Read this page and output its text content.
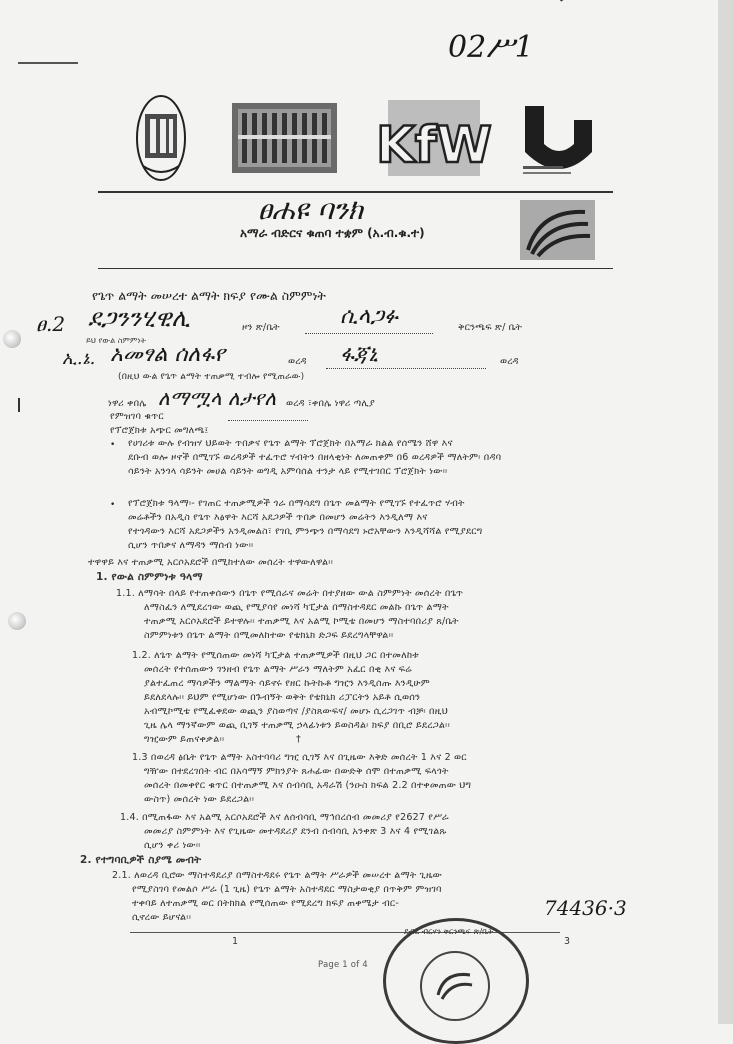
02ሥ1
KfW
ፀሐዩ ባንክ
አማራ ብድርና ቁጠባ ተቋም (አ.ብ.ቁ.ተ)
የጌጥ ልማት መሠረተ ልማት ክፍያ የሙል ስምምነት
ፀ.2 ደጋንንሂዊሊ	ዞን ጽ/ቤት	ሲላጋፉ	ቅርንጫፍ ጽ/ ቤት
ይህ የውል ስምምነት
ኢ.ኔ. አመፃል ሰለፋየ	ወረዳ ፋጃኒ	ወረዳ
(በዚህ ውል የጌጥ ልማት ተጠቃሚ ተብሎ የሚጠራው)
ነዋሪ ቀበሌ ለማሟላ ለታየለ ወረዳ ፣ቀበሌ ነዋሪ ጣሊያ
የምዝገባ ቁጥር
የፕሮጀክቱ አጭር መግለጫ፤
• የሀገሪቱ ውሉ የብዝሃ ህይወት ጥበቃና የጌጥ ልማት ፕሮጀክት በአማራ ክልል የሰሜን ሸዋ እና
ደቡብ ወሎ ዞኖች በሚገኙ ወረዳዎች ተፈጥሮ ሃብትን በዘላቂነት ለመጠቀም በ6 ወረዳዎች ማለትም፡ በዳባ
ሳይንት አንጎላ ሳይንት መሀል ሳይንት ወግዲ አምባሰል ተንታ ላይ የሚተገበር ፕሮጀክት ነው፡፡
• የፕሮጀክቱ ዓላማ፡- የገጠር ተጠቃሚዎች ጎራ በማሳደግ በጌጥ መልማት የሚገኙ የተፈጥሮ ሃብት
መሬቶችን በአዲስ የጌጥ እፅዋት እርሻ አደጋዎች ጥበቃ በመሆን መሬትን እንዲለማ እና
የተጎዳውን እርሻ አደጋዎችን አንዲመልስ፣ የገቢ ምንጭን በማሳደግ ኑሮአቸውን እንዲሻሻል የሚያደርግ
ሲሆን ጥበቃና ለማዳን ማሰብ ነው፡፡
ተዋዋይ እና ተጠቃሚ አርሶአደሮች በሚከተለው መሰረት ተዋውለዋል፡፡
1. የውል ስምምነቱ ዓላማ
1.1. ለማሳት በላይ የተጠቀሰውን በጌጥ የሚሰራና መሬት በተያዘው ውል ስምምነት መሰረት በጌጥ
ለማስፈን ለሚደረገው ወጪ የሚያሳየ መነሻ ካፒታል በማስተዳደር መልኩ በጌጥ ልማት
ተጠቃሚ አርሶአደሮች ይተዋሉ፡፡ ተጠቃሚ እና አልሚ ኮሚቴ በመሆን ማስተባበሪያ ጸ/ቤት
ስምምነቱን በጌጥ ልማት በሚመለከተው የቴክኒክ ድጋፍ ይደረግላቸዋል፡፡
1.2. ለጌጥ ልማት የሚሰጠው መነሻ ካፒታል ተጠቃሚዎች በዚህ ጋር በተመለከቱ
መሰረት የተሰጠውን ገንዘብ የጌጥ ልማት ሥራን ማለትም አፈር በቂ እና ፍሬ
ያልተፈጠረ ማሳዎችን ማልማት ሳይኖሩ የዘር ኩትኩቶ ግዢን እንዲሰጡ እንዲሁም
ይደለደላሉ፡፡ ይህም የሚሆነው በጉብኝት ወቅት የቴክኒክ ሪፓርትን አይቶ ሲወሰን
አብሚኮሚቴ የሚፈቀደው ወጪን ያስወጣና /ያስጸውፍና/ መሆኑ ሲረጋገጥ ብቻ፡ በዚህ
ጊዜ ሌላ ማንኛውም ወጪ ቢገኝ ተጠቃሚ ኃላፊነቱን ይወስዳል፡ ክፍያ በቢሮ ይደረጋል፡፡
ግዢውም ይጠናቀቃል፡፡	†
1.3 በወረዳ ፅቤት የጌጥ ልማት አስተባባሪ ግዢ ሲገኝ እና በጊዜው እቅድ መሰረት 1 እና 2 ወር
ግዥው በተደረገበት ብር በአሳማኝ ምክንያት ጸሐፊው በውድቅ ሰሞ በተጠቃሚ ፍላጎት
መሰረት በመቀየር ቁጥር በተጠቃሚ እና ሰብሳቢ አዳራሽ (ንዑስ ክፍል 2.2 በተቀመጠው ህግ
ውስጥ) መሰረት ነው ይደረጋል፡፡
1.4. በሚጠፋው እና አልሚ አርሶአደሮች እና ለሰብሳቢ ማኅበረሰብ መመሪያ የ2627 የሥራ
መመሪያ ስምምነት እና የጊዜው መተዳደሪያ ደንብ ሰብሳቢ አንቀጽ 3 እና 4 የሚገልጹ
ሲሆን ቀሪ ነው፡፡
2. የተግባቢዎች ስያሜ መብት
2.1. ለወረዳ ቢሮው ማስተዳደሪያ በማስተዳደሩ የጌጥ ልማት ሥራዎች መሠረተ ልማት ጊዜው
የሚያስገባ የመልሶ ሥራ (1 ጊዜ) የጌጥ ልማት አስተዳደር ማስታወቂያ በጥቅም ምዝገባ
ተቀባይ ለተጠቃሚ ወር በትክክል የሚሰጠው የሚደረግ ክፍያ ጠቀሜታ ብር-
ሲኖረው ይሆናል፡፡	74436·3
1	3
Page 1 of 4
ደብረ ብርሃን ቅርንጫፍ ጽ/ቤት
